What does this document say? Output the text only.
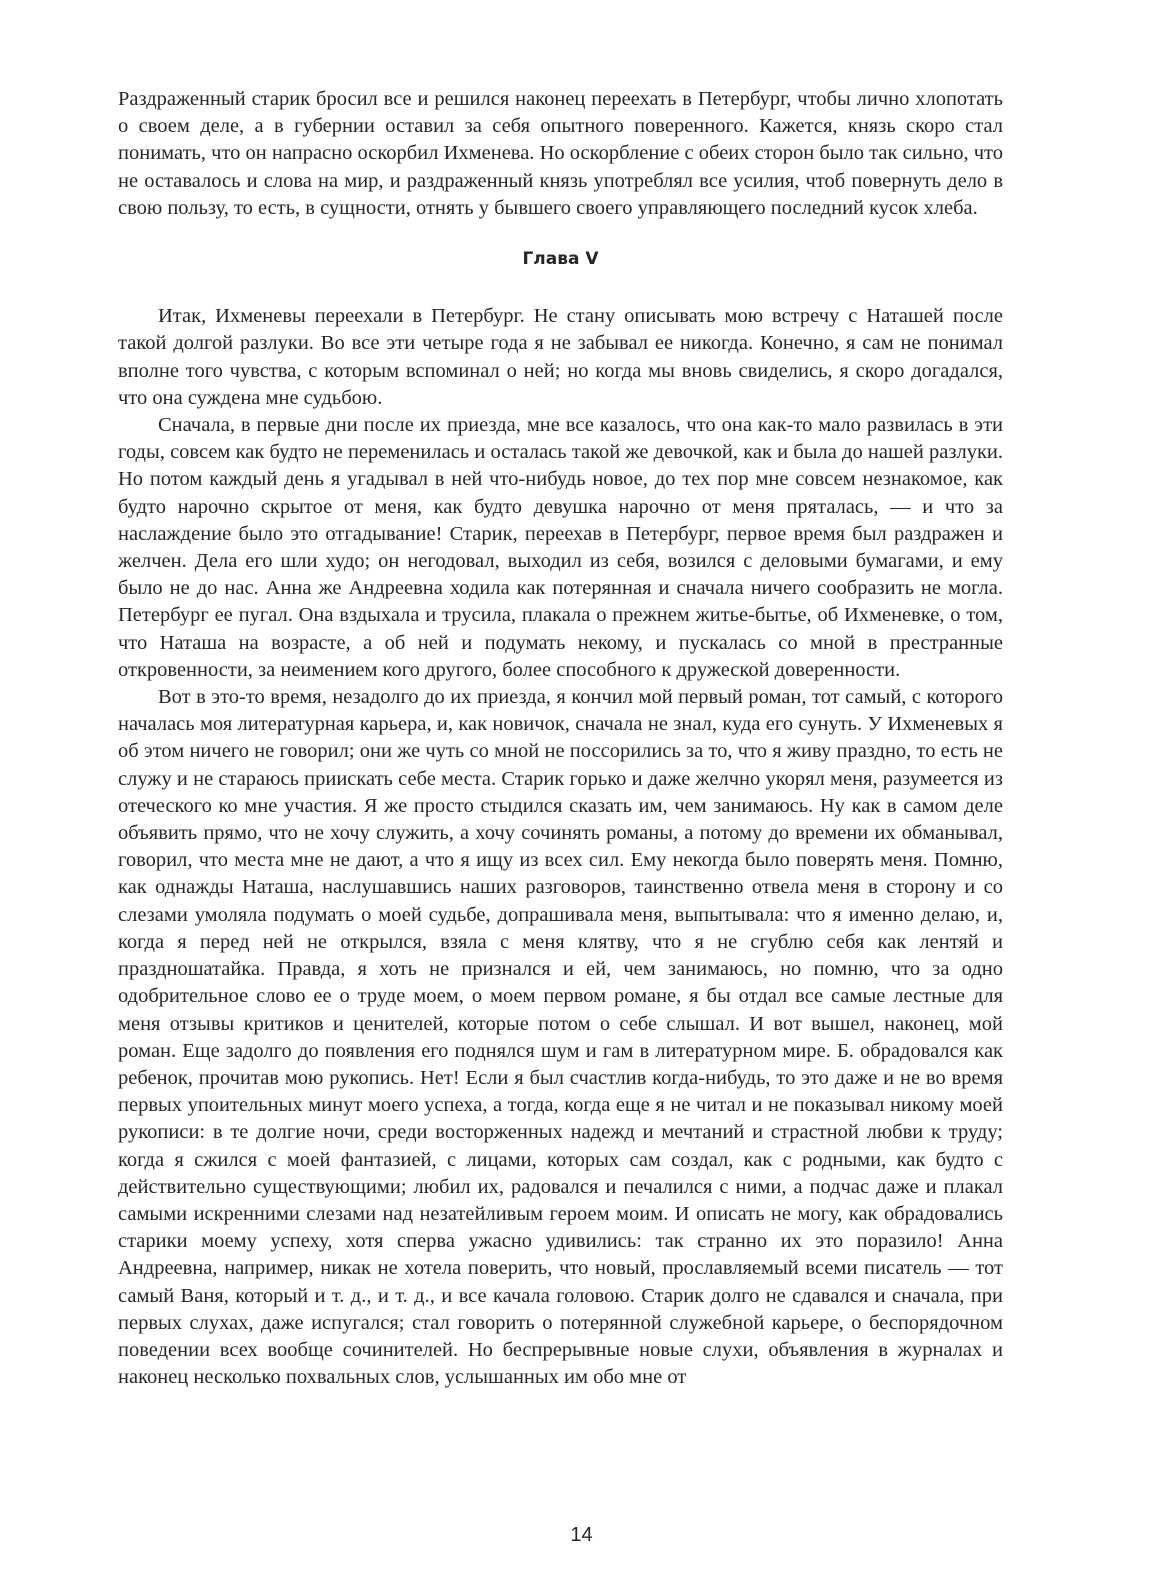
Раздраженный старик бросил все и решился наконец переехать в Петербург, чтобы лично хлопотать о своем деле, а в губернии оставил за себя опытного поверенного. Кажется, князь скоро стал понимать, что он напрасно оскорбил Ихменева. Но оскорбление с обеих сторон было так сильно, что не оставалось и слова на мир, и раздраженный князь употреблял все усилия, чтоб повернуть дело в свою пользу, то есть, в сущности, отнять у бывшего своего управляющего последний кусок хлеба.

Глава V

Итак, Ихменевы переехали в Петербург. Не стану описывать мою встречу с Наташей после такой долгой разлуки. Во все эти четыре года я не забывал ее никогда. Конечно, я сам не понимал вполне того чувства, с которым вспоминал о ней; но когда мы вновь свиделись, я скоро догадался, что она суждена мне судьбою.

Сначала, в первые дни после их приезда, мне все казалось, что она как-то мало развилась в эти годы, совсем как будто не переменилась и осталась такой же девочкой, как и была до нашей разлуки. Но потом каждый день я угадывал в ней что-нибудь новое, до тех пор мне совсем незнакомое, как будто нарочно скрытое от меня, как будто девушка нарочно от меня пряталась, — и что за наслаждение было это отгадывание! Старик, переехав в Петербург, первое время был раздражен и желчен. Дела его шли худо; он негодовал, выходил из себя, возился с деловыми бумагами, и ему было не до нас. Анна же Андреевна ходила как потерянная и сначала ничего сообразить не могла. Петербург ее пугал. Она вздыхала и трусила, плакала о прежнем житье-бытье, об Ихменевке, о том, что Наташа на возрасте, а об ней и подумать некому, и пускалась со мной в престранные откровенности, за неимением кого другого, более способного к дружеской доверенности.

Вот в это-то время, незадолго до их приезда, я кончил мой первый роман, тот самый, с которого началась моя литературная карьера, и, как новичок, сначала не знал, куда его сунуть. У Ихменевых я об этом ничего не говорил; они же чуть со мной не поссорились за то, что я живу праздно, то есть не служу и не стараюсь приискать себе места. Старик горько и даже желчно укорял меня, разумеется из отеческого ко мне участия. Я же просто стыдился сказать им, чем занимаюсь. Ну как в самом деле объявить прямо, что не хочу служить, а хочу сочинять романы, а потому до времени их обманывал, говорил, что места мне не дают, а что я ищу из всех сил. Ему некогда было поверять меня. Помню, как однажды Наташа, наслушавшись наших разговоров, таинственно отвела меня в сторону и со слезами умоляла подумать о моей судьбе, допрашивала меня, выпытывала: что я именно делаю, и, когда я перед ней не открылся, взяла с меня клятву, что я не сгублю себя как лентяй и праздношатайка. Правда, я хоть не признался и ей, чем занимаюсь, но помню, что за одно одобрительное слово ее о труде моем, о моем первом романе, я бы отдал все самые лестные для меня отзывы критиков и ценителей, которые потом о себе слышал. И вот вышел, наконец, мой роман. Еще задолго до появления его поднялся шум и гам в литературном мире. Б. обрадовался как ребенок, прочитав мою рукопись. Нет! Если я был счастлив когда-нибудь, то это даже и не во время первых упоительных минут моего успеха, а тогда, когда еще я не читал и не показывал никому моей рукописи: в те долгие ночи, среди восторженных надежд и мечтаний и страстной любви к труду; когда я сжился с моей фантазией, с лицами, которых сам создал, как с родными, как будто с действительно существующими; любил их, радовался и печалился с ними, а подчас даже и плакал самыми искренними слезами над незатейливым героем моим. И описать не могу, как обрадовались старики моему успеху, хотя сперва ужасно удивились: так странно их это поразило! Анна Андреевна, например, никак не хотела поверить, что новый, прославляемый всеми писатель — тот самый Ваня, который и т. д., и т. д., и все качала головою. Старик долго не сдавался и сначала, при первых слухах, даже испугался; стал говорить о потерянной служебной карьере, о беспорядочном поведении всех вообще сочинителей. Но беспрерывные новые слухи, объявления в журналах и наконец несколько похвальных слов, услышанных им обо мне от

14
